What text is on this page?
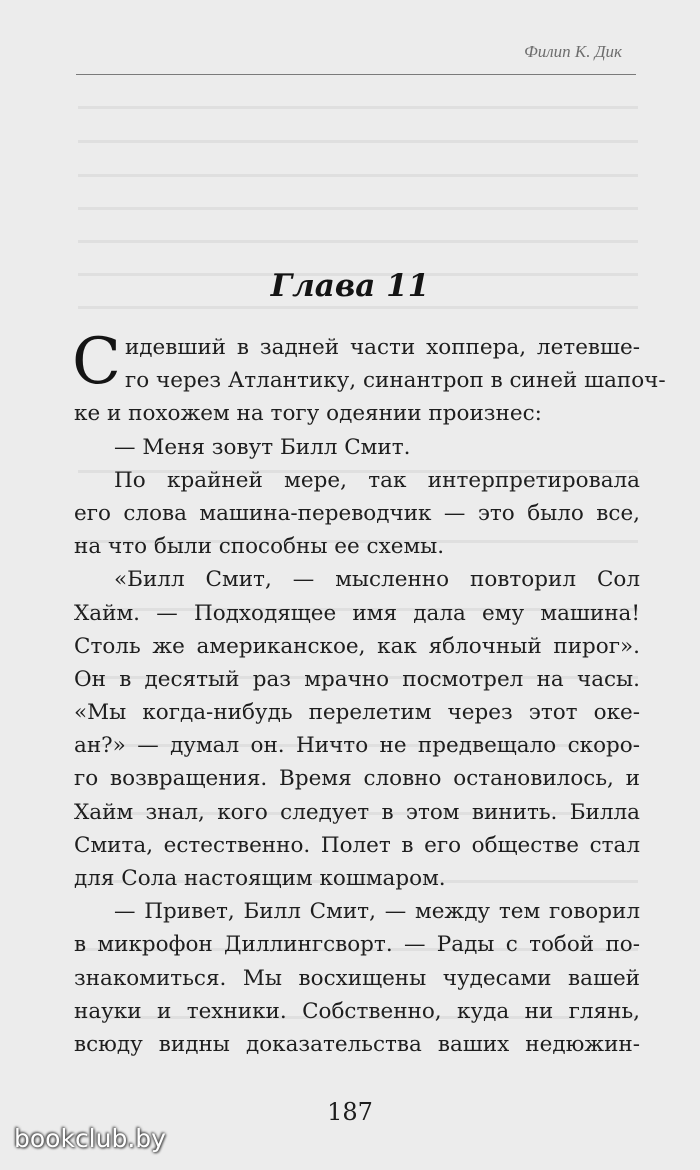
Филип К. Дик
Глава 11
С идевший в задней части хоппера, летевше-
го через Атлантику, синантроп в синей шапоч-
ке и похожем на тогу одеянии произнес:
— Меня зовут Билл Смит.
По крайней мере, так интерпретировала
его слова машина-переводчик — это было все,
на что были способны ее схемы.
«Билл Смит, — мысленно повторил Сол
Хайм. — Подходящее имя дала ему машина!
Столь же американское, как яблочный пирог».
Он в десятый раз мрачно посмотрел на часы.
«Мы когда-нибудь перелетим через этот оке-
ан?» — думал он. Ничто не предвещало скоро-
го возвращения. Время словно остановилось, и
Хайм знал, кого следует в этом винить. Билла
Смита, естественно. Полет в его обществе стал
для Сола настоящим кошмаром.
— Привет, Билл Смит, — между тем говорил
в микрофон Диллингсворт. — Рады с тобой по-
знакомиться. Мы восхищены чудесами вашей
науки и техники. Собственно, куда ни глянь,
всюду видны доказательства ваших недюжин-
187
bookclub.by
